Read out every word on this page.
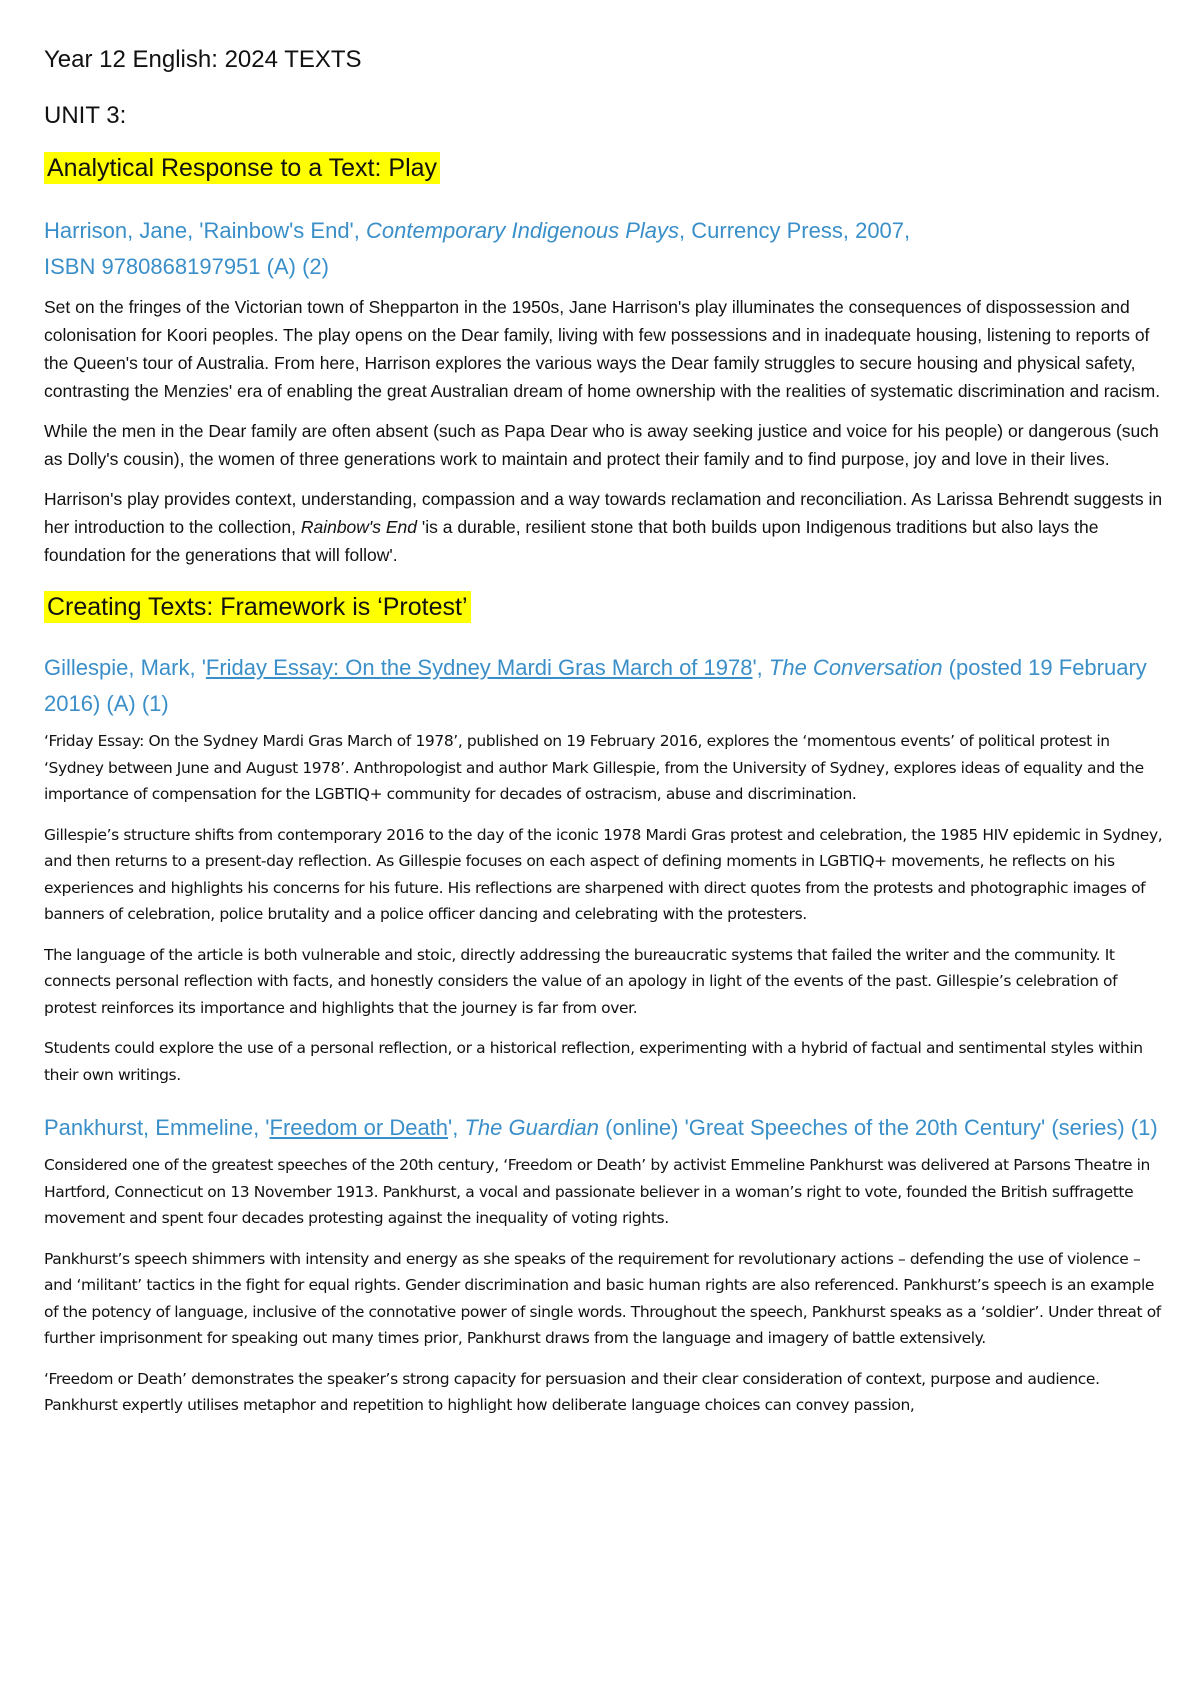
Year 12 English: 2024 TEXTS
UNIT 3:
Analytical Response to a Text: Play

Harrison, Jane, 'Rainbow's End', Contemporary Indigenous Plays, Currency Press, 2007,

ISBN 9780868197951 (A) (2)

Set on the fringes of the Victorian town of Shepparton in the 1950s, Jane Harrison's play illuminates the consequences of dispossession and colonisation for Koori peoples. The play opens on the Dear family, living with few possessions and in inadequate housing, listening to reports of the Queen's tour of Australia. From here, Harrison explores the various ways the Dear family struggles to secure housing and physical safety, contrasting the Menzies' era of enabling the great Australian dream of home ownership with the realities of systematic discrimination and racism.

While the men in the Dear family are often absent (such as Papa Dear who is away seeking justice and voice for his people) or dangerous (such as Dolly's cousin), the women of three generations work to maintain and protect their family and to find purpose, joy and love in their lives.

Harrison's play provides context, understanding, compassion and a way towards reclamation and reconciliation. As Larissa Behrendt suggests in her introduction to the collection, Rainbow's End 'is a durable, resilient stone that both builds upon Indigenous traditions but also lays the foundation for the generations that will follow'.

Creating Texts: Framework is ‘Protest’

Gillespie, Mark, 'Friday Essay: On the Sydney Mardi Gras March of 1978', The Conversation (posted 19 February 2016) (A) (1)

‘Friday Essay: On the Sydney Mardi Gras March of 1978’, published on 19 February 2016, explores the ‘momentous events’ of political protest in ‘Sydney between June and August 1978’. Anthropologist and author Mark Gillespie, from the University of Sydney, explores ideas of equality and the importance of compensation for the LGBTIQ+ community for decades of ostracism, abuse and discrimination.

Gillespie’s structure shifts from contemporary 2016 to the day of the iconic 1978 Mardi Gras protest and celebration, the 1985 HIV epidemic in Sydney, and then returns to a present-day reflection. As Gillespie focuses on each aspect of defining moments in LGBTIQ+ movements, he reflects on his experiences and highlights his concerns for his future. His reflections are sharpened with direct quotes from the protests and photographic images of banners of celebration, police brutality and a police officer dancing and celebrating with the protesters.

The language of the article is both vulnerable and stoic, directly addressing the bureaucratic systems that failed the writer and the community. It connects personal reflection with facts, and honestly considers the value of an apology in light of the events of the past. Gillespie’s celebration of protest reinforces its importance and highlights that the journey is far from over.

Students could explore the use of a personal reflection, or a historical reflection, experimenting with a hybrid of factual and sentimental styles within their own writings.

Pankhurst, Emmeline, 'Freedom or Death', The Guardian (online) 'Great Speeches of the 20th Century' (series) (1)

Considered one of the greatest speeches of the 20th century, ‘Freedom or Death’ by activist Emmeline Pankhurst was delivered at Parsons Theatre in Hartford, Connecticut on 13 November 1913. Pankhurst, a vocal and passionate believer in a woman’s right to vote, founded the British suffragette movement and spent four decades protesting against the inequality of voting rights.

Pankhurst’s speech shimmers with intensity and energy as she speaks of the requirement for revolutionary actions – defending the use of violence – and ‘militant’ tactics in the fight for equal rights. Gender discrimination and basic human rights are also referenced. Pankhurst’s speech is an example of the potency of language, inclusive of the connotative power of single words. Throughout the speech, Pankhurst speaks as a ‘soldier’. Under threat of further imprisonment for speaking out many times prior, Pankhurst draws from the language and imagery of battle extensively.

‘Freedom or Death’ demonstrates the speaker’s strong capacity for persuasion and their clear consideration of context, purpose and audience. Pankhurst expertly utilises metaphor and repetition to highlight how deliberate language choices can convey passion,
